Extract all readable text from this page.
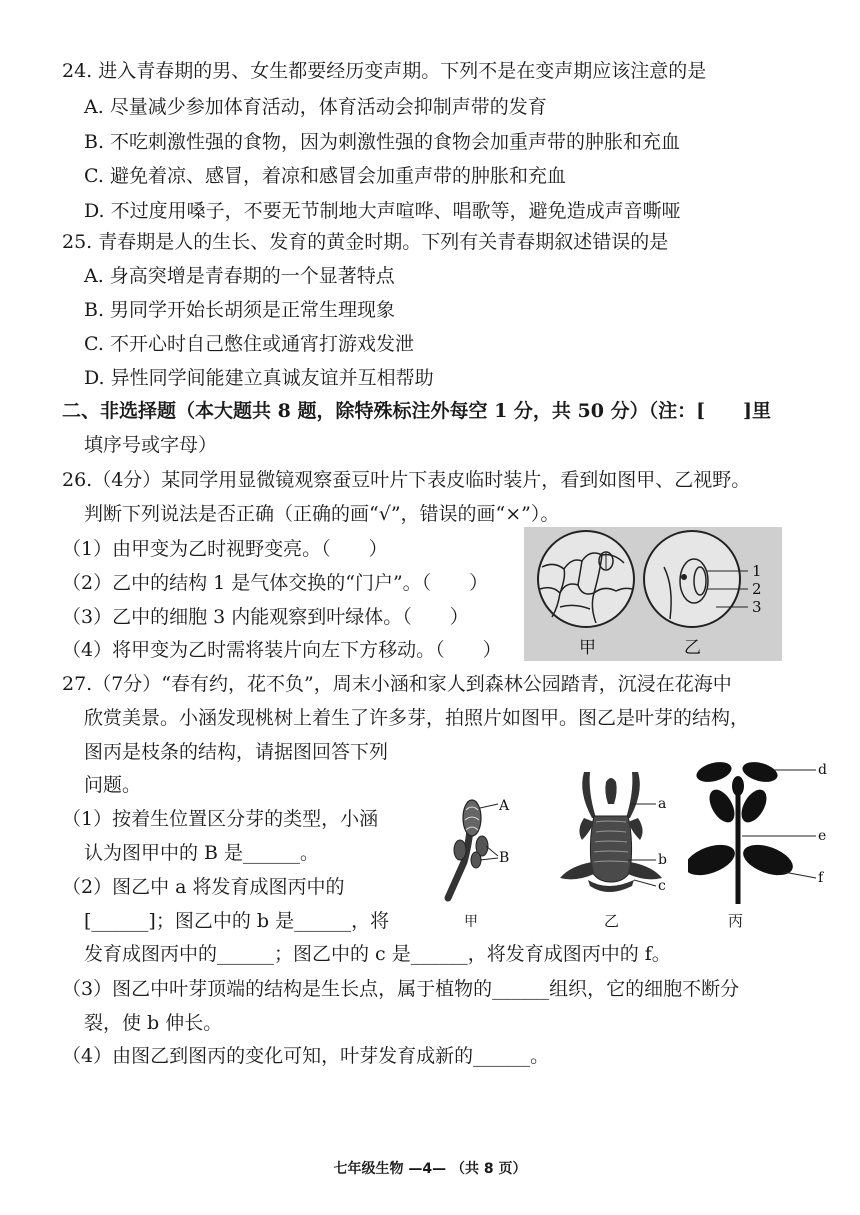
24. 进入青春期的男、女生都要经历变声期。下列不是在变声期应该注意的是
A. 尽量减少参加体育活动，体育活动会抑制声带的发育
B. 不吃刺激性强的食物，因为刺激性强的食物会加重声带的肿胀和充血
C. 避免着凉、感冒，着凉和感冒会加重声带的肿胀和充血
D. 不过度用嗓子，不要无节制地大声喧哗、唱歌等，避免造成声音嘶哑
25. 青春期是人的生长、发育的黄金时期。下列有关青春期叙述错误的是
A. 身高突增是青春期的一个显著特点
B. 男同学开始长胡须是正常生理现象
C. 不开心时自己憋住或通宵打游戏发泄
D. 异性同学间能建立真诚友谊并互相帮助
二、非选择题（本大题共 8 题，除特殊标注外每空 1 分，共 50 分）（注：[　　]里
填序号或字母）
26.（4分）某同学用显微镜观察蚕豆叶片下表皮临时装片，看到如图甲、乙视野。
判断下列说法是否正确（正确的画“√”，错误的画“×”）。
（1）由甲变为乙时视野变亮。（　　）
（2）乙中的结构 1 是气体交换的“门户”。（　　）
（3）乙中的细胞 3 内能观察到叶绿体。（　　）
（4）将甲变为乙时需将装片向左下方移动。（　　）
1
2
3
甲	乙
27.（7分）“春有约，花不负”，周末小涵和家人到森林公园踏青，沉浸在花海中
欣赏美景。小涵发现桃树上着生了许多芽，拍照片如图甲。图乙是叶芽的结构，
图丙是枝条的结构，请据图回答下列
问题。
（1）按着生位置区分芽的类型，小涵
认为图甲中的 B 是______。
（2）图乙中 a 将发育成图丙中的
[______]；图乙中的 b 是______，将
发育成图丙中的______；图乙中的 c 是______，将发育成图丙中的 f。
（3）图乙中叶芽顶端的结构是生长点，属于植物的______组织，它的细胞不断分
裂，使 b 伸长。
（4）由图乙到图丙的变化可知，叶芽发育成新的______。
A
B
甲
a
b
c
乙
d
e
f
丙
七年级生物 —4— （共 8 页）
